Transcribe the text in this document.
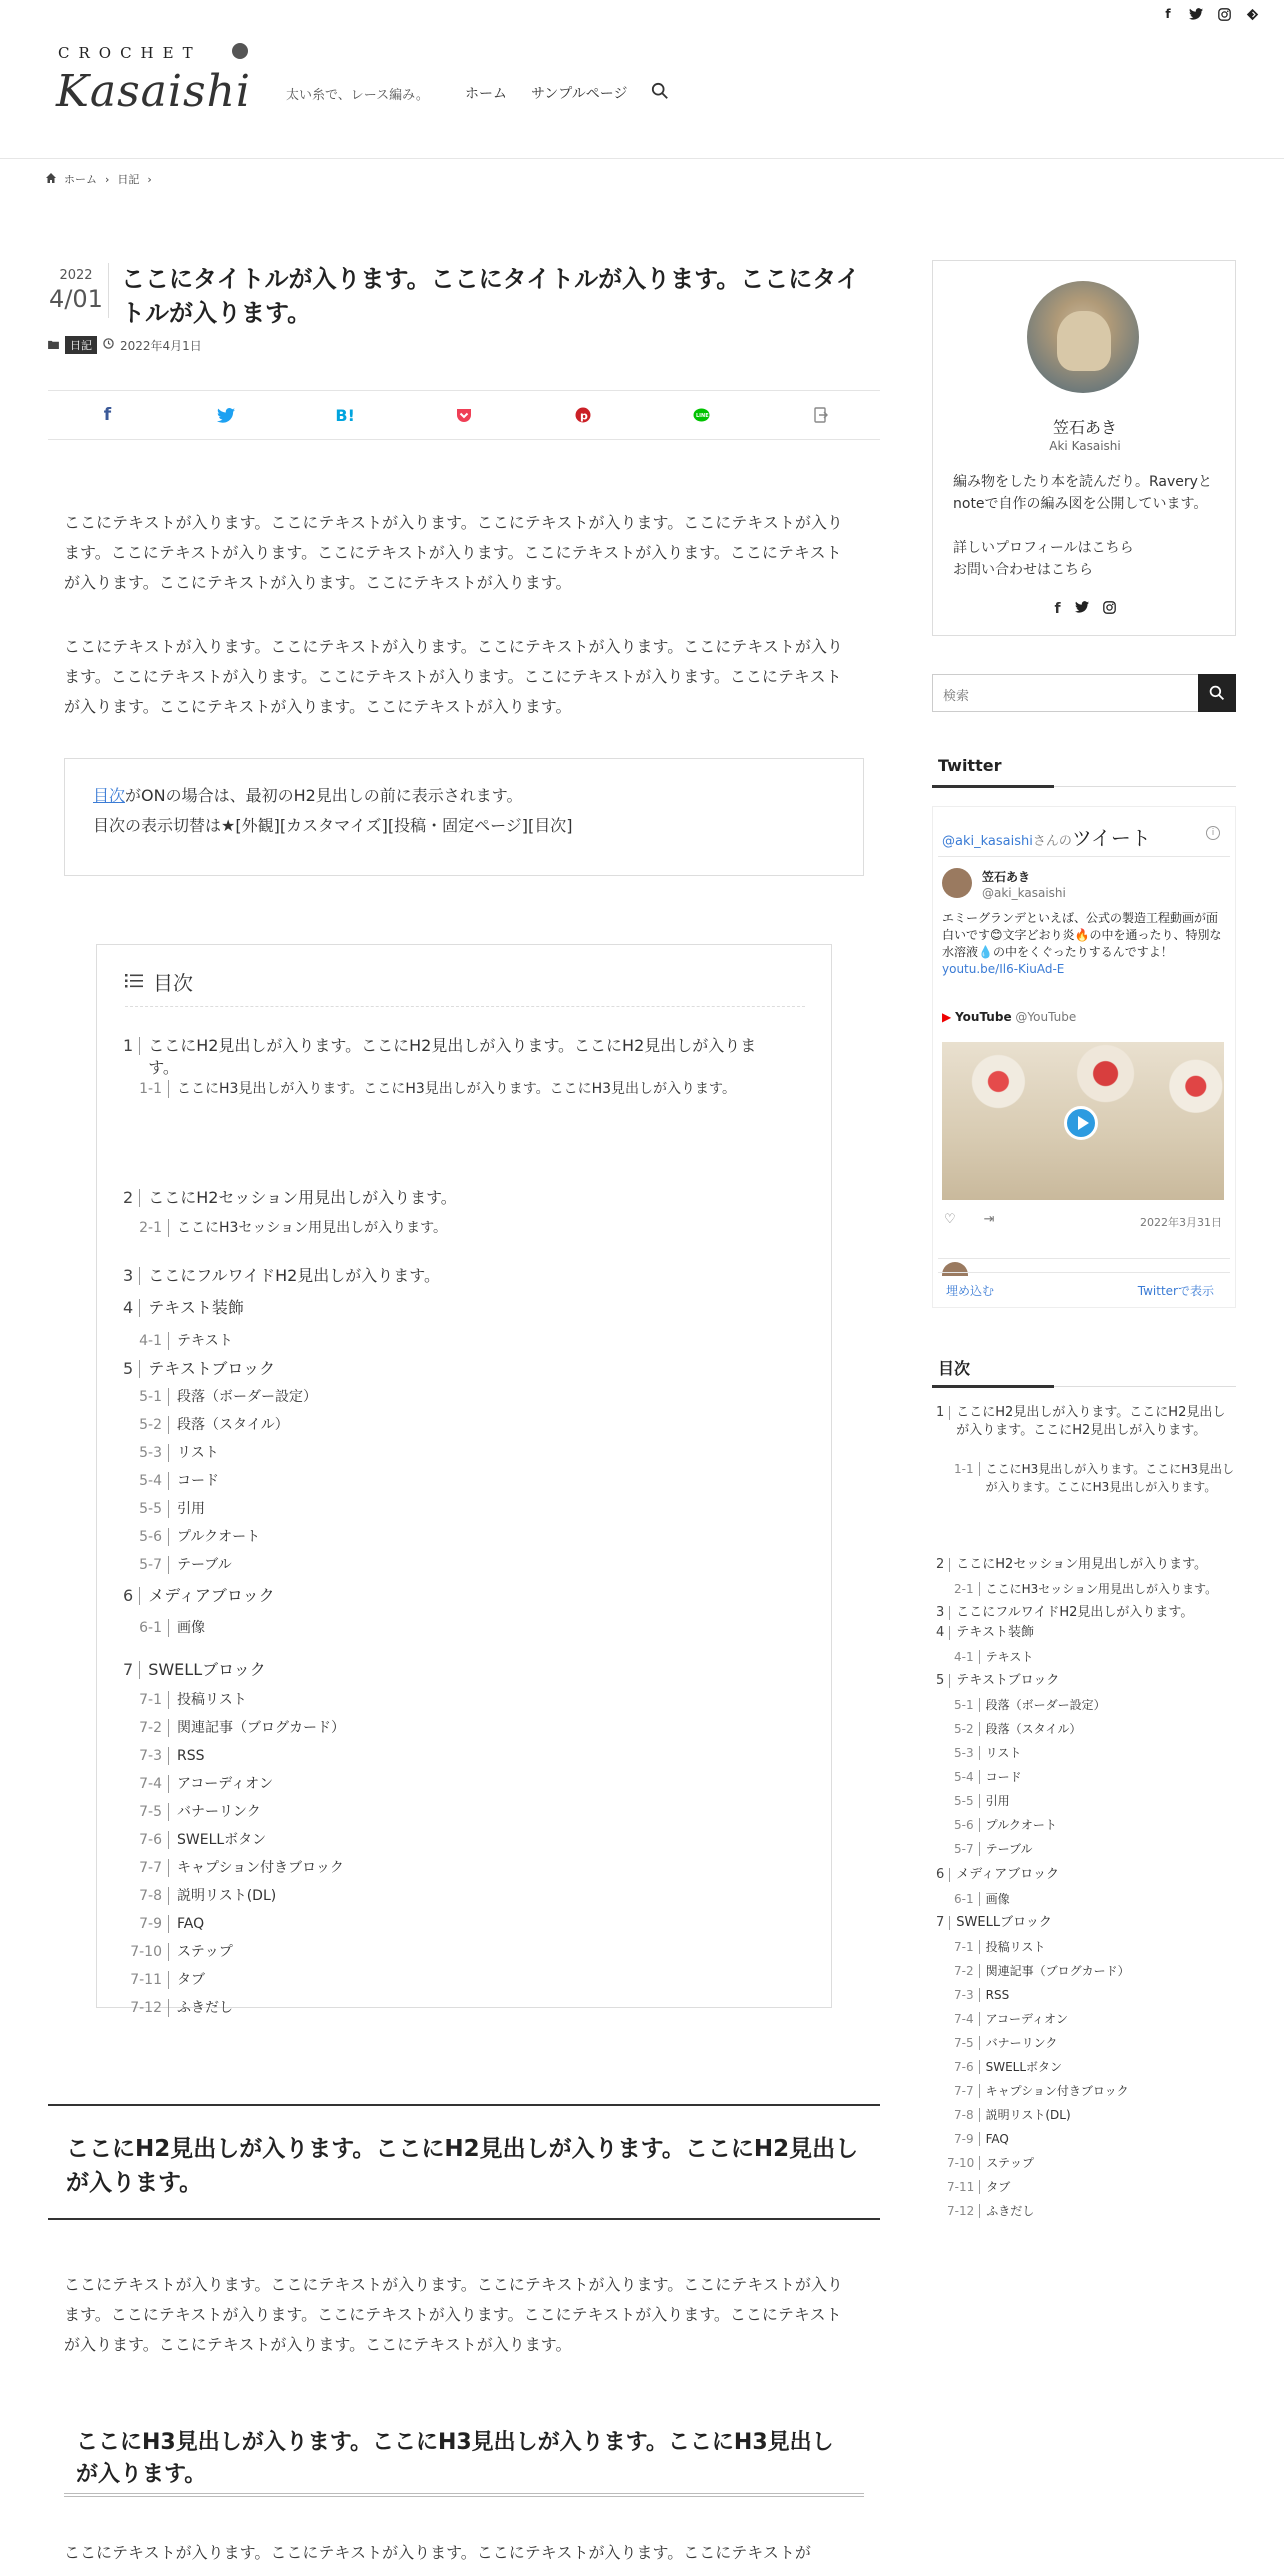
f
CROCHET
Kasaishi	太い糸で、レース編み。	ホーム サンプルページ
ホーム › 日記 ›
2022
4/01
ここにタイトルが入ります。ここにタイトルが入ります。ここにタイトルが入ります。
日記	2022年4月1日
f	B!	p	LINE

ここにテキストが入ります。ここにテキストが入ります。ここにテキストが入ります。ここにテキストが入ります。ここにテキストが入ります。ここにテキストが入ります。ここにテキストが入ります。ここにテキストが入ります。ここにテキストが入ります。ここにテキストが入ります。

ここにテキストが入ります。ここにテキストが入ります。ここにテキストが入ります。ここにテキストが入ります。ここにテキストが入ります。ここにテキストが入ります。ここにテキストが入ります。ここにテキストが入ります。ここにテキストが入ります。ここにテキストが入ります。

目次がONの場合は、最初のH2見出しの前に表示されます。
目次の表示切替は★[外観][カスタマイズ][投稿・固定ページ][目次]
目次
1 ここにH2見出しが入ります。ここにH2見出しが入ります。ここにH2見出しが入ります。
1-1	ここにH3見出しが入ります。ここにH3見出しが入ります。ここにH3見出しが入ります。
2 ここにH2セッション用見出しが入ります。
2-1	ここにH3セッション用見出しが入ります。
3 ここにフルワイドH2見出しが入ります。
4 テキスト装飾
4-1	テキスト
5 テキストブロック
5-1	段落（ボーダー設定）
5-2	段落（スタイル）
5-3	リスト
5-4	コード
5-5	引用
5-6	プルクオート
5-7	テーブル
6 メディアブロック
6-1	画像
7 SWELLブロック
7-1	投稿リスト
7-2	関連記事（ブログカード）
7-3	RSS
7-4	アコーディオン
7-5	バナーリンク
7-6	SWELLボタン
7-7	キャプション付きブロック
7-8	説明リスト(DL)
7-9	FAQ
7-10	ステップ
7-11	タブ
7-12	ふきだし
ここにH2見出しが入ります。ここにH2見出しが入ります。ここにH2見出しが入ります。

ここにテキストが入ります。ここにテキストが入ります。ここにテキストが入ります。ここにテキストが入ります。ここにテキストが入ります。ここにテキストが入ります。ここにテキストが入ります。ここにテキストが入ります。ここにテキストが入ります。ここにテキストが入ります。

ここにH3見出しが入ります。ここにH3見出しが入ります。ここにH3見出しが入ります。

ここにテキストが入ります。ここにテキストが入ります。ここにテキストが入ります。ここにテキストが

笠石あき
Aki Kasaishi
編み物をしたり本を読んだり。Raveryとnoteで自作の編み図を公開しています。
詳しいプロフィールはこちら
お問い合わせはこちら
f
検索
Twitter
@aki_kasaishiさんのツイート	i
笠石あき
@aki_kasaishi
エミーグランデといえば、公式の製造工程動画が面白いです😊文字どおり炎🔥の中を通ったり、特別な水溶液💧の中をくぐったりするんですよ！
youtu.be/Il6-KiuAd-E
▶ YouTube @YouTube
♡ ⇥	2022年3月31日
埋め込む	Twitterで表示
目次
1 ここにH2見出しが入ります。ここにH2見出しが入ります。ここにH2見出しが入ります。
1-1	ここにH3見出しが入ります。ここにH3見出しが入ります。ここにH3見出しが入ります。
2 ここにH2セッション用見出しが入ります。
2-1	ここにH3セッション用見出しが入ります。
3 ここにフルワイドH2見出しが入ります。
4 テキスト装飾
4-1	テキスト
5 テキストブロック
5-1	段落（ボーダー設定）
5-2	段落（スタイル）
5-3	リスト
5-4	コード
5-5	引用
5-6	プルクオート
5-7	テーブル
6 メディアブロック
6-1	画像
7 SWELLブロック
7-1	投稿リスト
7-2	関連記事（ブログカード）
7-3	RSS
7-4	アコーディオン
7-5	バナーリンク
7-6	SWELLボタン
7-7	キャプション付きブロック
7-8	説明リスト(DL)
7-9	FAQ
7-10	ステップ
7-11	タブ
7-12	ふきだし
